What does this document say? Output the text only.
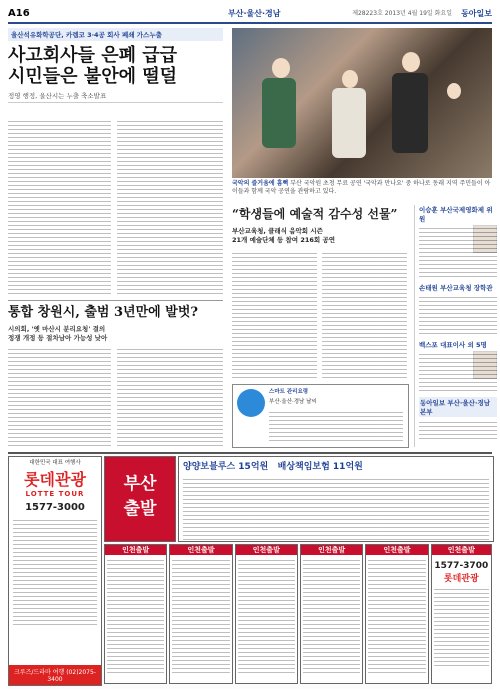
A16	부산·울산·경남	제28223호 2013년 4월 19일 화요일 동아일보
울산석유화학공단, 카렘코 3·4공 회사 폐쇄 가스누출
사고회사들 은폐 급급
시민들은 불안에 떨덜
정영 행정, 울산시는 누출 축소발표
통합 창원시, 출범 3년만에 발벗?
시의회, '옛 마산시 분리요청' 결의
정쟁 개정 등 절차남아 가능성 낮아
국악의 즐거움에 흠뻑 부산 국악원 초청 무료 공연 '국악과 만나요' 중 하나로 동래 지역 주민들이 아이들과 함께 국악 공연을 관람하고 있다.
“학생들에 예술적 감수성 선물”
부산교육청, 클래식 음악회 시즌
21개 예술단체 등 참여 216회 공연
스마트 관리요령
부산·울산·경남 날씨
이승훈 부산국제영화제 위원
손태원 부산교육청 장학관
백스포 대표이사 외 5명
동아일보 부산·울산·경남본부
대한민국 대표 여행사
롯데관광
LOTTE TOUR
1577-3000
크루즈/드라마 여행 (02)2075-3400
부산
출발
양양보블루스 15억원 배상책임보험 11억원
인천출발	인천출발	인천출발	인천출발	인천출발	인천출발
1577-3700
롯데관광
